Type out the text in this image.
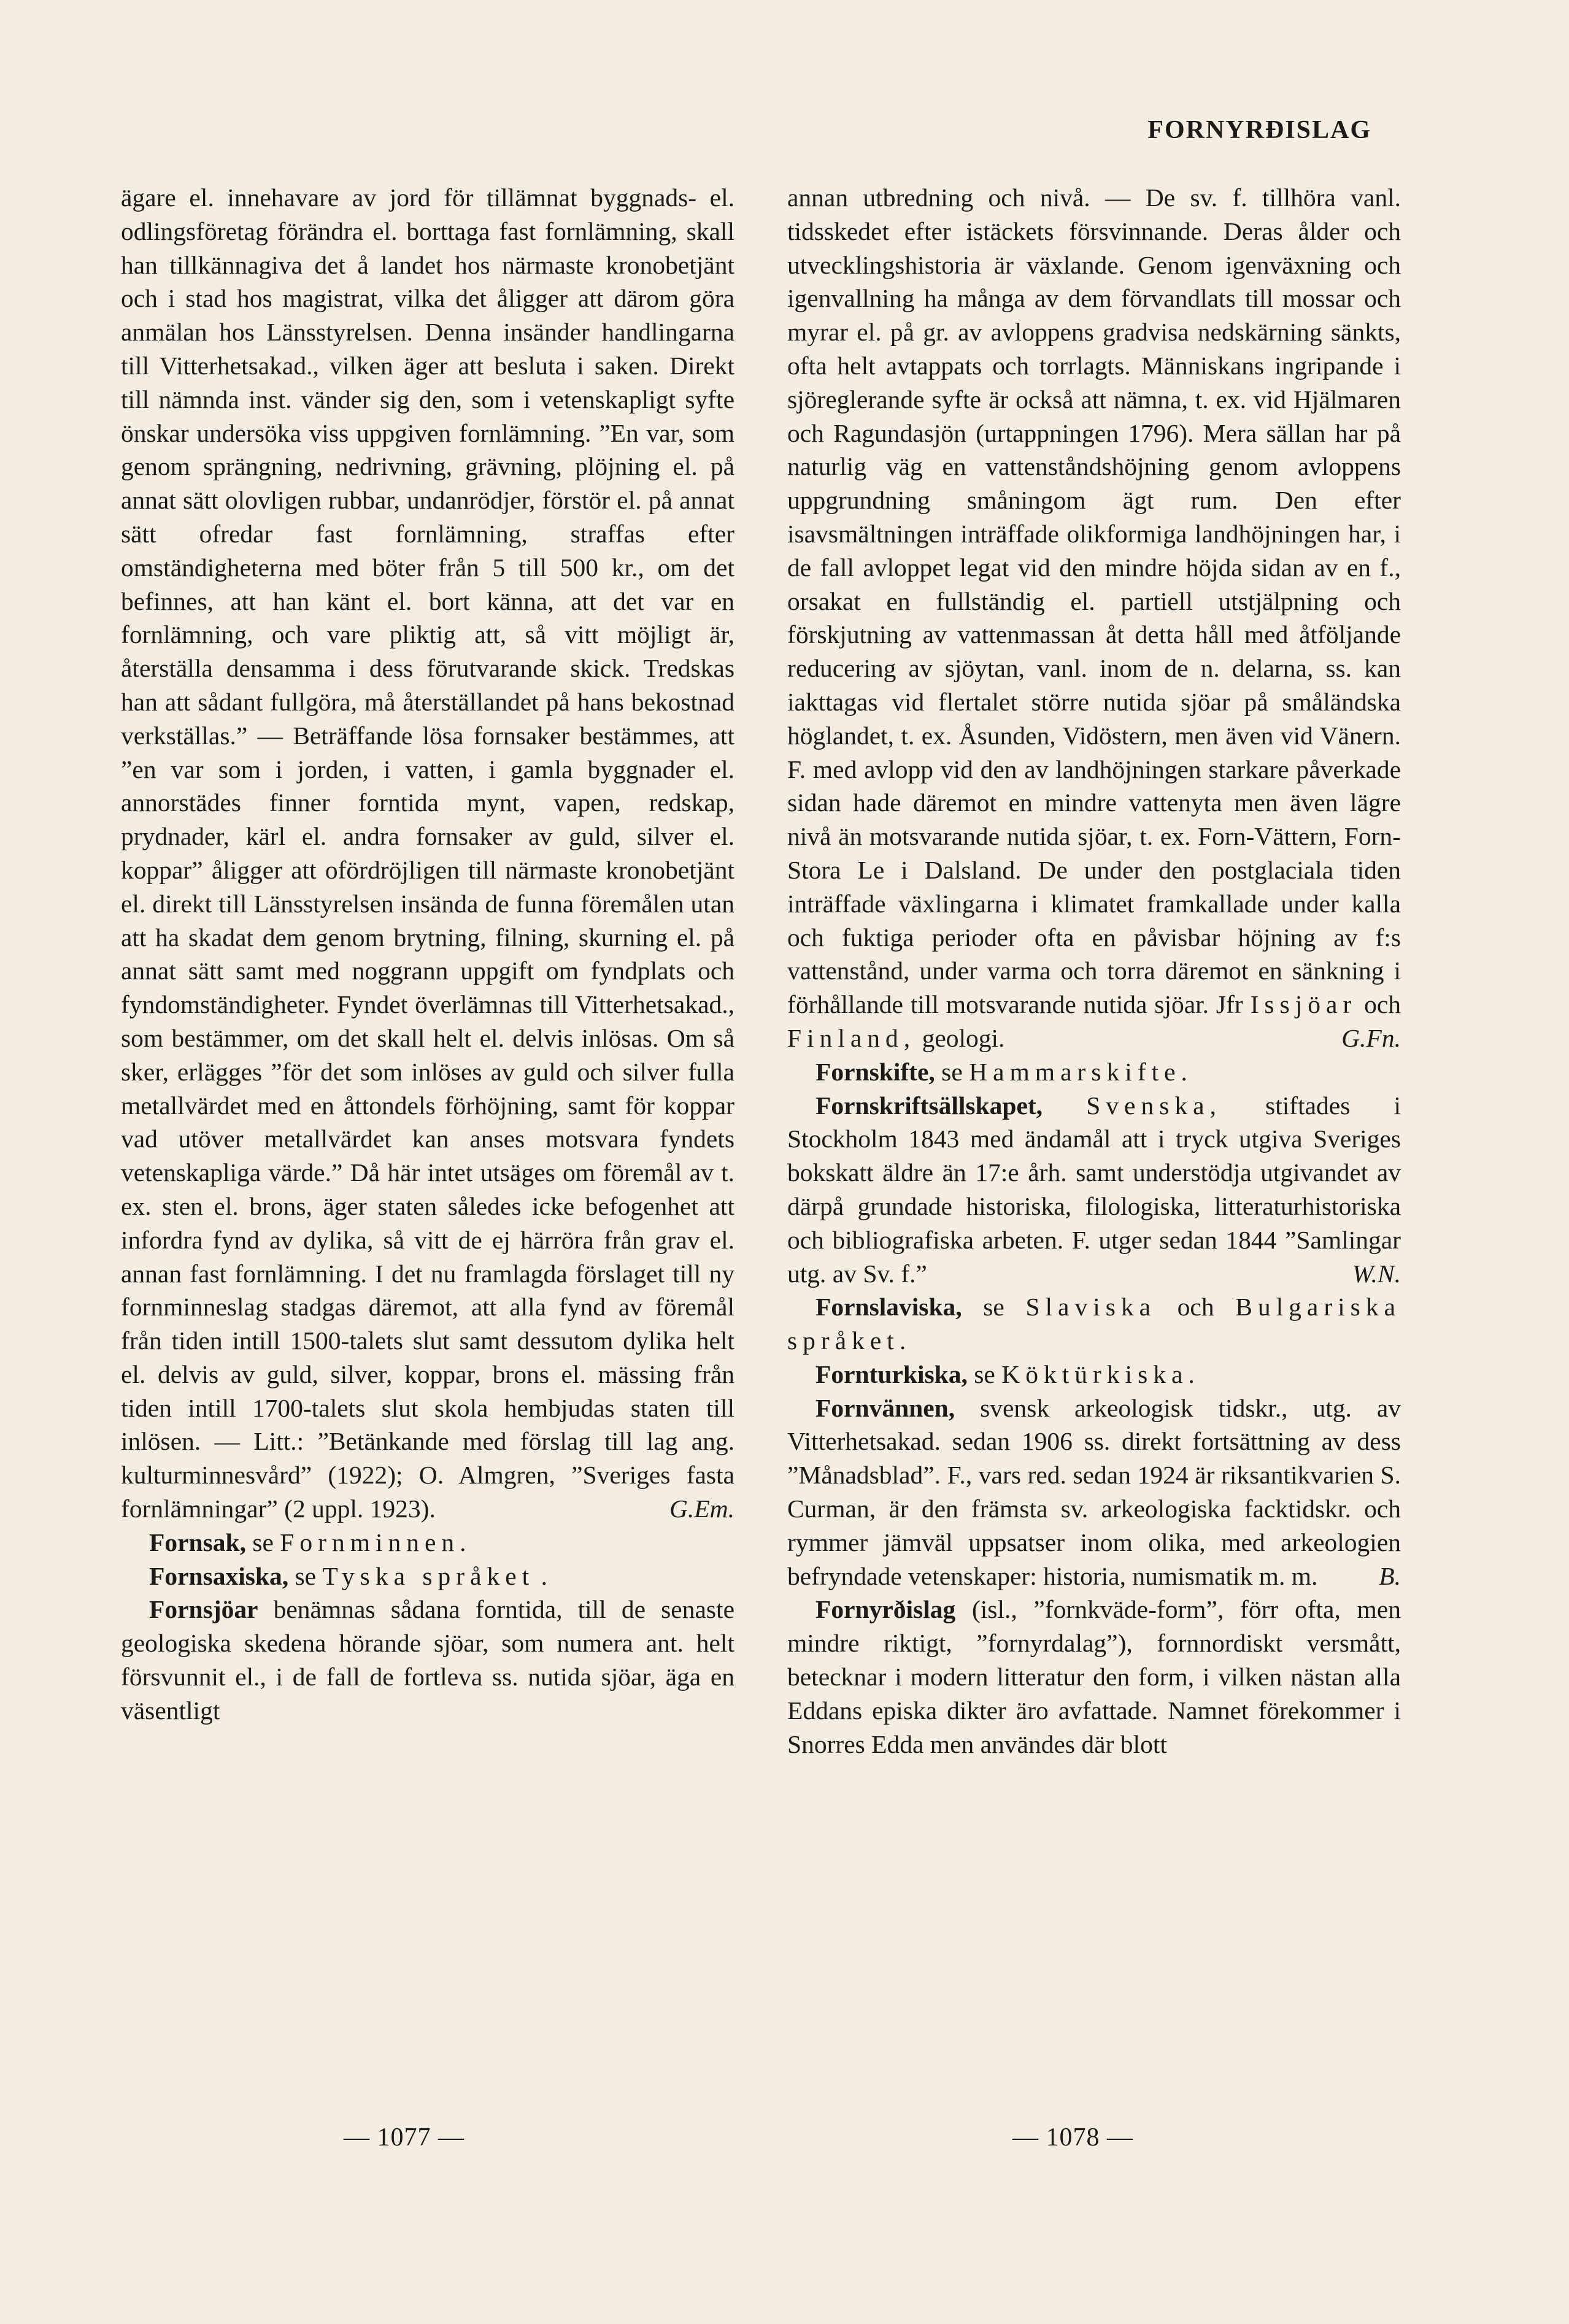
FORNYRÐISLAG

ägare el. innehavare av jord för tillämnat byggnads- el. odlingsföretag förändra el. borttaga fast fornlämning, skall han tillkännagiva det å landet hos närmaste kronobetjänt och i stad hos magistrat, vilka det åligger att därom göra anmälan hos Länsstyrelsen. Denna insänder handlingarna till Vitterhetsakad., vilken äger att besluta i saken. Direkt till nämnda inst. vänder sig den, som i vetenskapligt syfte önskar undersöka viss uppgiven fornlämning. ”En var, som genom sprängning, nedrivning, grävning, plöjning el. på annat sätt olovligen rubbar, undanrödjer, förstör el. på annat sätt ofredar fast fornlämning, straffas efter omständigheterna med böter från 5 till 500 kr., om det befinnes, att han känt el. bort känna, att det var en fornlämning, och vare pliktig att, så vitt möjligt är, återställa densamma i dess förutvarande skick. Tredskas han att sådant fullgöra, må återställandet på hans bekostnad verkställas.” — Beträffande lösa fornsaker bestämmes, att ”en var som i jorden, i vatten, i gamla byggnader el. annorstädes finner forntida mynt, vapen, redskap, prydnader, kärl el. andra fornsaker av guld, silver el. koppar” åligger att ofördröjligen till närmaste kronobetjänt el. direkt till Länsstyrelsen insända de funna föremålen utan att ha skadat dem genom brytning, filning, skurning el. på annat sätt samt med noggrann uppgift om fyndplats och fyndomständigheter. Fyndet överlämnas till Vitterhetsakad., som bestämmer, om det skall helt el. delvis inlösas. Om så sker, erlägges ”för det som inlöses av guld och silver fulla metallvärdet med en åttondels förhöjning, samt för koppar vad utöver metallvärdet kan anses motsvara fyndets vetenskapliga värde.” Då här intet utsäges om föremål av t. ex. sten el. brons, äger staten således icke befogenhet att infordra fynd av dylika, så vitt de ej härröra från grav el. annan fast fornlämning. I det nu framlagda förslaget till ny fornminneslag stadgas däremot, att alla fynd av föremål från tiden intill 1500-talets slut samt dessutom dylika helt el. delvis av guld, silver, koppar, brons el. mässing från tiden intill 1700-talets slut skola hembjudas staten till inlösen. — Litt.: ”Betänkande med förslag till lag ang. kulturminnesvård” (1922); O. Almgren, ”Sveriges fasta fornlämningar” (2 uppl. 1923).	G.Em.

Fornsak, se Fornminnen.

Fornsaxiska, se Tyska språket .

Fornsjöar benämnas sådana forntida, till de senaste geologiska skedena hörande sjöar, som numera ant. helt försvunnit el., i de fall de fortleva ss. nutida sjöar, äga en väsentligt

annan utbredning och nivå. — De sv. f. tillhöra vanl. tidsskedet efter istäckets försvinnande. Deras ålder och utvecklingshistoria är växlande. Genom igenväxning och igenvallning ha många av dem förvandlats till mossar och myrar el. på gr. av avloppens gradvisa nedskärning sänkts, ofta helt avtappats och torrlagts. Människans ingripande i sjöreglerande syfte är också att nämna, t. ex. vid Hjälmaren och Ragundasjön (urtappningen 1796). Mera sällan har på naturlig väg en vattenståndshöjning genom avloppens uppgrundning småningom ägt rum. Den efter isavsmältningen inträffade olikformiga landhöjningen har, i de fall avloppet legat vid den mindre höjda sidan av en f., orsakat en fullständig el. partiell utstjälpning och förskjutning av vattenmassan åt detta håll med åtföljande reducering av sjöytan, vanl. inom de n. delarna, ss. kan iakttagas vid flertalet större nutida sjöar på småländska höglandet, t. ex. Åsunden, Vidöstern, men även vid Vänern. F. med avlopp vid den av landhöjningen starkare påverkade sidan hade däremot en mindre vattenyta men även lägre nivå än motsvarande nutida sjöar, t. ex. Forn-Vättern, Forn-Stora Le i Dalsland. De under den postglaciala tiden inträffade växlingarna i klimatet framkallade under kalla och fuktiga perioder ofta en påvisbar höjning av f:s vattenstånd, under varma och torra däremot en sänkning i förhållande till motsvarande nutida sjöar. Jfr Issjöar och Finland, geologi.	G.Fn.

Fornskifte, se Hammarskifte.

Fornskriftsällskapet, Svenska, stiftades i Stockholm 1843 med ändamål att i tryck utgiva Sveriges bokskatt äldre än 17:e årh. samt understödja utgivandet av därpå grundade historiska, filologiska, litteraturhistoriska och bibliografiska arbeten. F. utger sedan 1844 ”Samlingar utg. av Sv. f.”	W.N.

Fornslaviska, se Slaviska och Bulgariska språket.

Fornturkiska, se Köktürkiska.

Fornvännen, svensk arkeologisk tidskr., utg. av Vitterhetsakad. sedan 1906 ss. direkt fortsättning av dess ”Månadsblad”. F., vars red. sedan 1924 är riksantikvarien S. Curman, är den främsta sv. arkeologiska facktidskr. och rymmer jämväl uppsatser inom olika, med arkeologien befryndade vetenskaper: historia, numismatik m. m.	B.

Fornyrðislag (isl., ”fornkväde-form”, förr ofta, men mindre riktigt, ”fornyrdalag”), fornnordiskt versmått, betecknar i modern litteratur den form, i vilken nästan alla Eddans episka dikter äro avfattade. Namnet förekommer i Snorres Edda men användes där blott

— 1077 —	— 1078 —
